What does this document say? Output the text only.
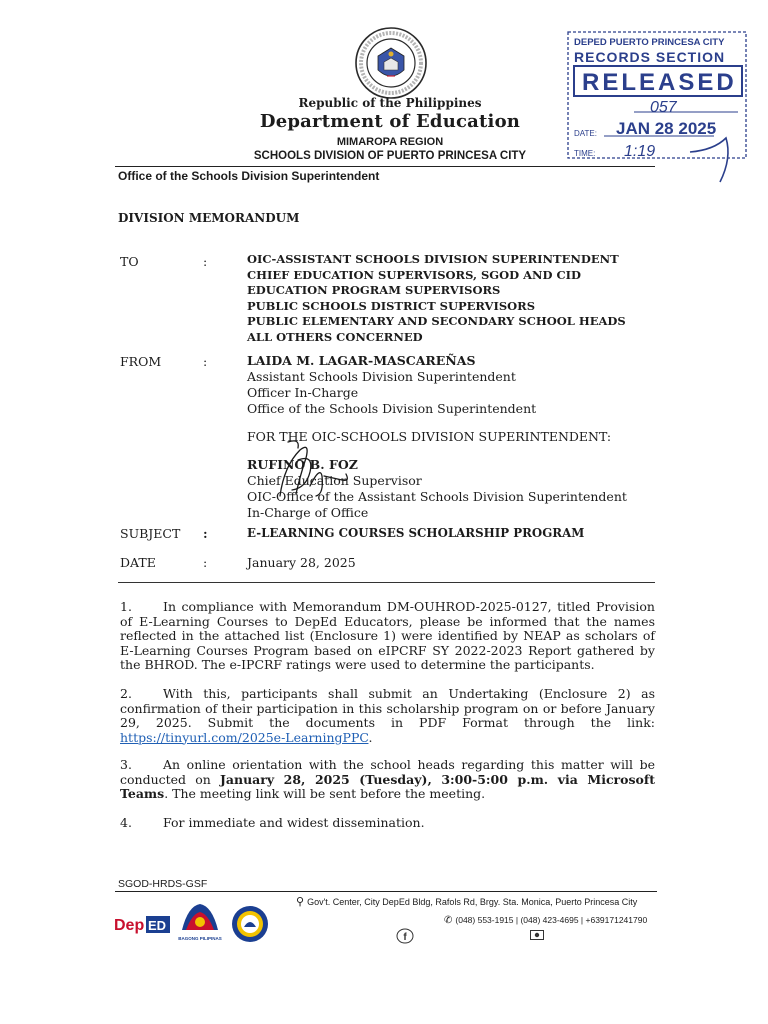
Republic of the Philippines
Department of Education
MIMAROPA REGION
SCHOOLS DIVISION OF PUERTO PRINCESA CITY
Office of the Schools Division Superintendent
DEPED PUERTO PRINCESA CITY
RECORDS SECTION
RELEASED
DATE:
TIME:
057
JAN 28 2025
1:19
DIVISION MEMORANDUM
TO	:	OIC-ASSISTANT SCHOOLS DIVISION SUPERINTENDENT
CHIEF EDUCATION SUPERVISORS, SGOD AND CID
EDUCATION PROGRAM SUPERVISORS
PUBLIC SCHOOLS DISTRICT SUPERVISORS
PUBLIC ELEMENTARY AND SECONDARY SCHOOL HEADS
ALL OTHERS CONCERNED
FROM	:	LAIDA M. LAGAR-MASCAREÑAS
Assistant Schools Division Superintendent
Officer In-Charge
Office of the Schools Division Superintendent
FOR THE OIC-SCHOOLS DIVISION SUPERINTENDENT:
RUFINO B. FOZ
Chief Education Supervisor
OIC-Office of the Assistant Schools Division Superintendent
In-Charge of Office
SUBJECT :	E-LEARNING COURSES SCHOLARSHIP PROGRAM
DATE	:	January 28, 2025
1. In compliance with Memorandum DM-OUHROD-2025-0127, titled Provision of E-Learning Courses to DepEd Educators, please be informed that the names reflected in the attached list (Enclosure 1) were identified by NEAP as scholars of E-Learning Courses Program based on eIPCRF SY 2022-2023 Report gathered by the BHROD. The e-IPCRF ratings were used to determine the participants.
2. With this, participants shall submit an Undertaking (Enclosure 2) as confirmation of their participation in this scholarship program on or before January 29, 2025. Submit the documents in PDF Format through the link: https://tinyurl.com/2025e-LearningPPC.
3. An online orientation with the school heads regarding this matter will be conducted on January 28, 2025 (Tuesday), 3:00-5:00 p.m. via Microsoft Teams. The meeting link will be sent before the meeting.
4. For immediate and widest dissemination.
SGOD-HRDS-GSF
Dep ED
BAGONG PILIPINAS
⚲ Gov't. Center, City DepEd Bldg, Rafols Rd, Brgy. Sta. Monica, Puerto Princesa City
✆ (048) 553-1915 | (048) 423-4695 | +639171241790
f
